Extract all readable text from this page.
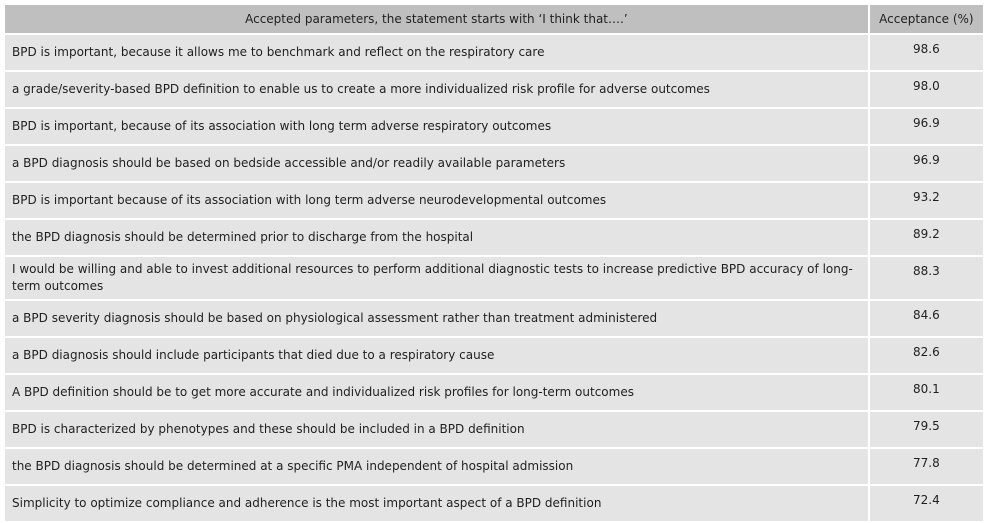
Accepted parameters, the statement starts with ‘I think that….’	Acceptance (%)
BPD is important, because it allows me to benchmark and reflect on the respiratory care	98.6
a grade/severity-based BPD definition to enable us to create a more individualized risk profile for adverse outcomes	98.0
BPD is important, because of its association with long term adverse respiratory outcomes	96.9
a BPD diagnosis should be based on bedside accessible and/or readily available parameters	96.9
BPD is important because of its association with long term adverse neurodevelopmental outcomes	93.2
the BPD diagnosis should be determined prior to discharge from the hospital	89.2
I would be willing and able to invest additional resources to perform additional diagnostic tests to increase predictive BPD accuracy of long-term outcomes	88.3
a BPD severity diagnosis should be based on physiological assessment rather than treatment administered	84.6
a BPD diagnosis should include participants that died due to a respiratory cause	82.6
A BPD definition should be to get more accurate and individualized risk profiles for long-term outcomes	80.1
BPD is characterized by phenotypes and these should be included in a BPD definition	79.5
the BPD diagnosis should be determined at a specific PMA independent of hospital admission	77.8
Simplicity to optimize compliance and adherence is the most important aspect of a BPD definition	72.4
